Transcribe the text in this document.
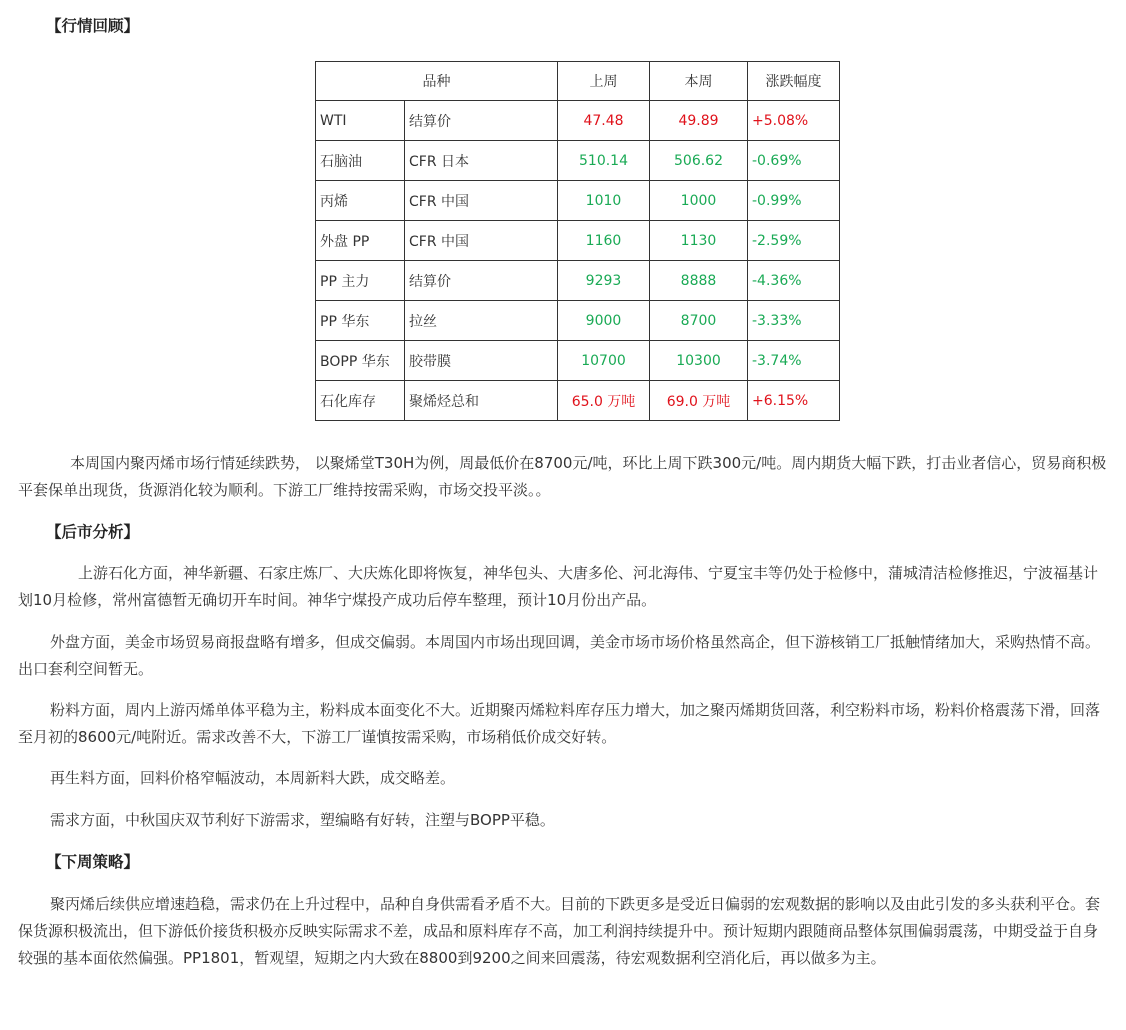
【行情回顾】
品种		上周	本周	涨跌幅度
WTI	结算价	47.48	49.89	+5.08%
石脑油	CFR 日本	510.14	506.62	-0.69%
丙烯	CFR 中国	1010	1000	-0.99%
外盘 PP	CFR 中国	1160	1130	-2.59%
PP 主力	结算价	9293	8888	-4.36%
PP 华东	拉丝	9000	8700	-3.33%
BOPP 华东	胶带膜	10700	10300	-3.74%
石化库存	聚烯烃总和	65.0 万吨	69.0 万吨	+6.15%
本周国内聚丙烯市场行情延续跌势， 以聚烯堂T30H为例，周最低价在8700元/吨，环比上周下跌300元/吨。周内期货大幅下跌，打击业者信心，贸易商积极平套保单出现货，货源消化较为顺利。下游工厂维持按需采购，市场交投平淡。。
【后市分析】
上游石化方面，神华新疆、石家庄炼厂、大庆炼化即将恢复，神华包头、大唐多伦、河北海伟、宁夏宝丰等仍处于检修中，蒲城清洁检修推迟，宁波福基计划10月检修，常州富德暂无确切开车时间。神华宁煤投产成功后停车整理，预计10月份出产品。
外盘方面，美金市场贸易商报盘略有增多，但成交偏弱。本周国内市场出现回调，美金市场市场价格虽然高企，但下游核销工厂抵触情绪加大，采购热情不高。出口套利空间暂无。
粉料方面，周内上游丙烯单体平稳为主，粉料成本面变化不大。近期聚丙烯粒料库存压力增大，加之聚丙烯期货回落，利空粉料市场，粉料价格震荡下滑，回落至月初的8600元/吨附近。需求改善不大，下游工厂谨慎按需采购，市场稍低价成交好转。
再生料方面，回料价格窄幅波动，本周新料大跌，成交略差。
需求方面，中秋国庆双节利好下游需求，塑编略有好转，注塑与BOPP平稳。
【下周策略】
聚丙烯后续供应增速趋稳，需求仍在上升过程中，品种自身供需看矛盾不大。目前的下跌更多是受近日偏弱的宏观数据的影响以及由此引发的多头获利平仓。套保货源积极流出，但下游低价接货积极亦反映实际需求不差，成品和原料库存不高，加工利润持续提升中。预计短期内跟随商品整体氛围偏弱震荡，中期受益于自身较强的基本面依然偏强。PP1801，暂观望，短期之内大致在8800到9200之间来回震荡，待宏观数据利空消化后，再以做多为主。
